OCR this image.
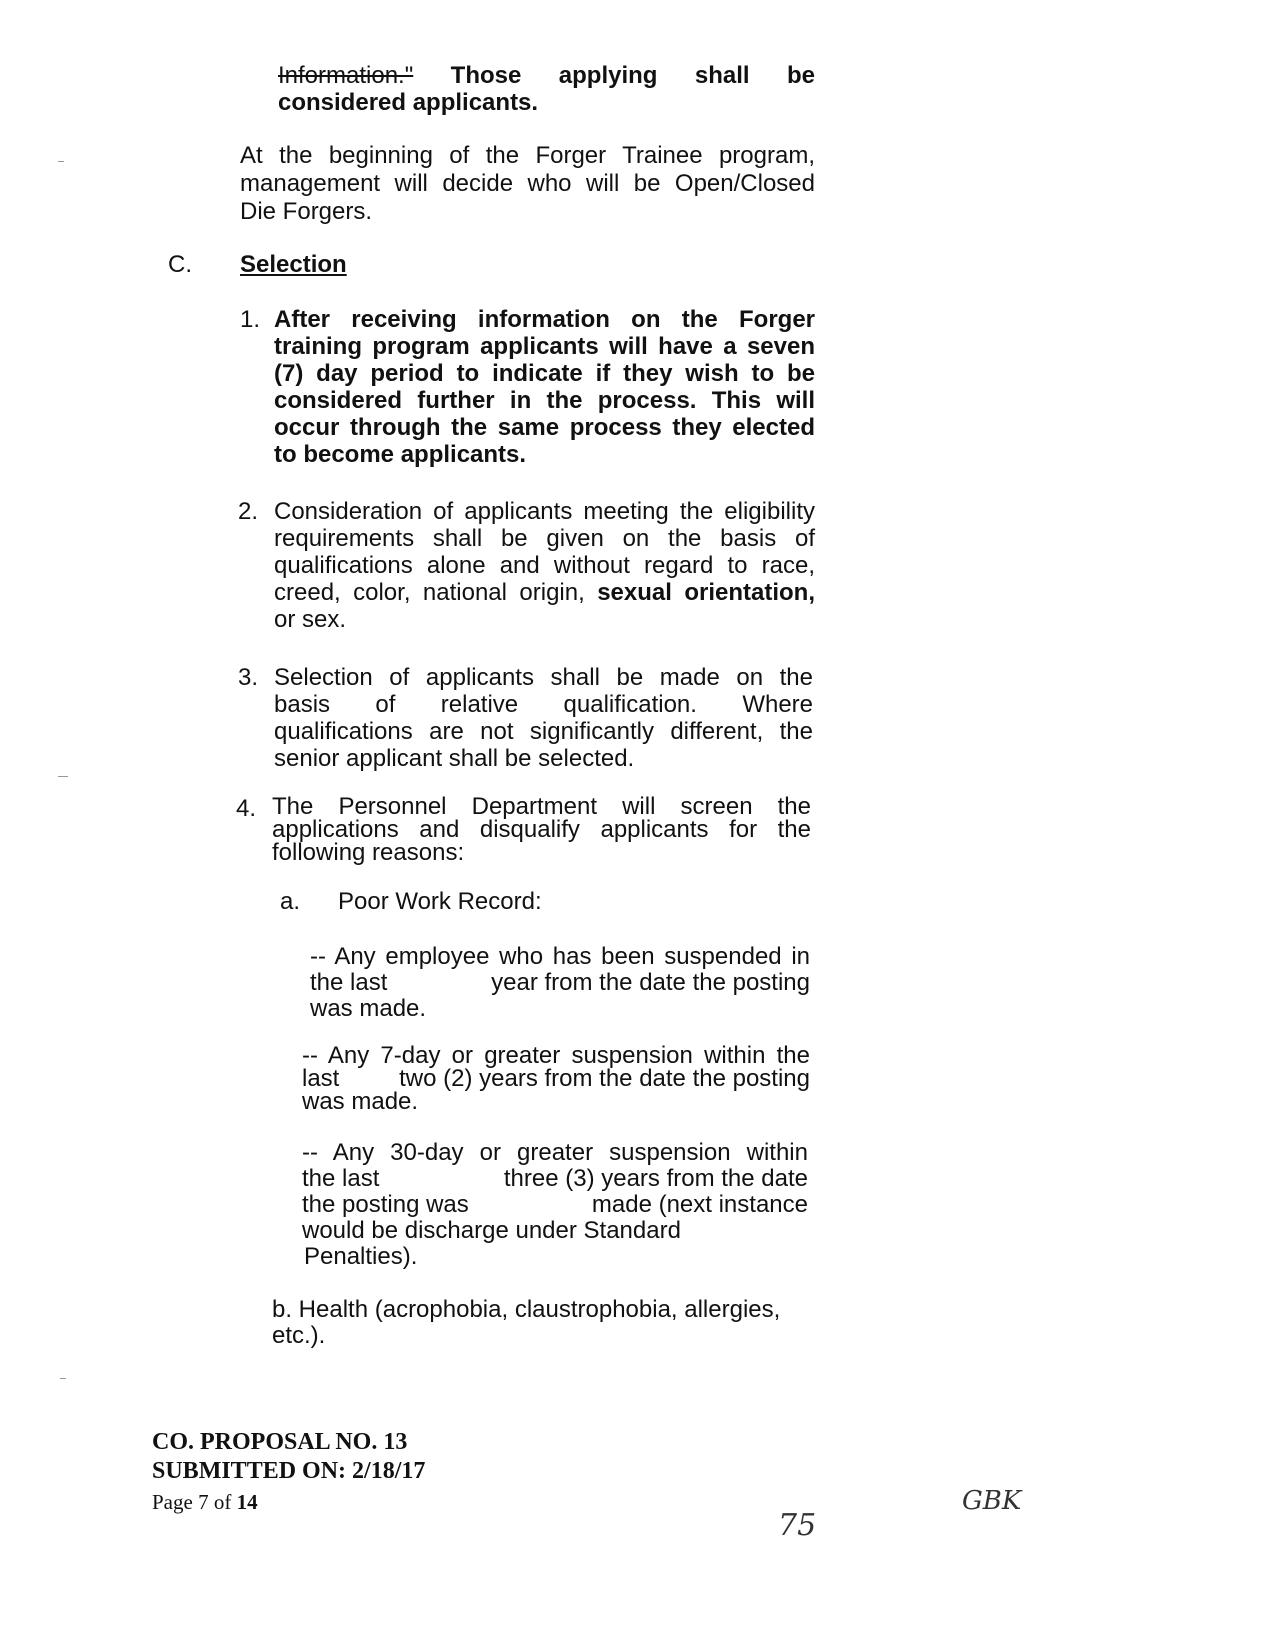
Information." Those applying shall be
considered applicants.
At the beginning of the Forger Trainee program,
management will decide who will be Open/Closed
Die Forgers.
C. Selection
1. After receiving information on the Forger
training program applicants will have a seven
(7) day period to indicate if they wish to be
considered further in the process. This will
occur through the same process they elected
to become applicants.
2. Consideration of applicants meeting the eligibility
requirements shall be given on the basis of
qualifications alone and without regard to race,
creed, color, national origin, sexual orientation,
or sex.
3. Selection of applicants shall be made on the
basis of relative qualification. Where
qualifications are not significantly different, the
senior applicant shall be selected.
4. The Personnel Department will screen the
applications and disqualify applicants for the
following reasons:
a. Poor Work Record:
-- Any employee who has been suspended in
the last	year from the date the posting
was made.
-- Any 7-day or greater suspension within the
last two (2) years from the date the posting
was made.
-- Any 30-day or greater suspension within
the last	three (3) years from the date
the posting was	made (next instance
would be discharge under Standard
Penalties).
b. Health (acrophobia, claustrophobia, allergies,
etc.).
CO. PROPOSAL NO. 13
SUBMITTED ON: 2/18/17
Page 7 of 14
75
GBK
